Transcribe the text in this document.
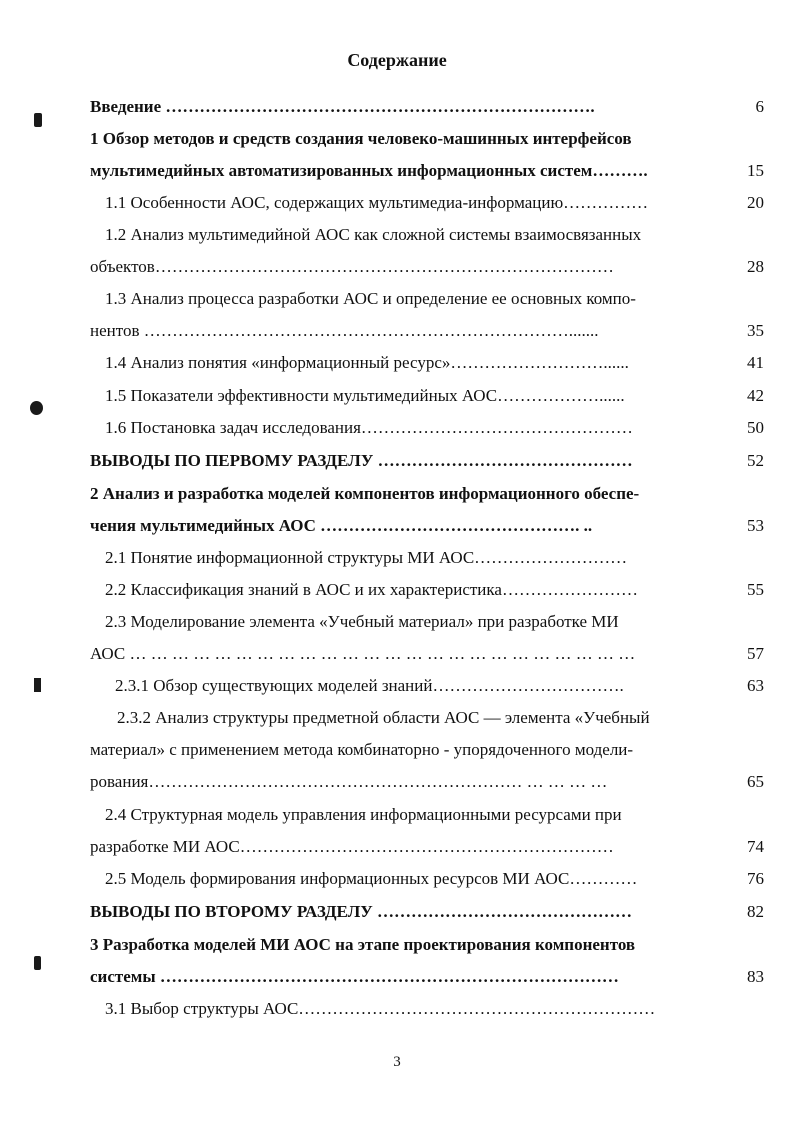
Содержание
Введение ………………………………………………………………….	6
1 Обзор методов и средств создания человеко-машинных интерфейсов
мультимедийных автоматизированных информационных систем……….	15
1.1 Особенности АОС, содержащих мультимедиа-информацию……………	20
1.2 Анализ мультимедийной АОС как сложной системы взаимосвязанных
объектов………………………………………………………………………	28
1.3 Анализ процесса разработки АОС и определение ее основных компо-
нентов ………………………………………………………………….......	35
1.4 Анализ понятия «информационный ресурс»………………………......	41
1.5 Показатели эффективности мультимедийных АОС………………......	42
1.6 Постановка задач исследования…………………………………………	50
ВЫВОДЫ ПО ПЕРВОМУ РАЗДЕЛУ ………………………………………	52
2 Анализ и разработка моделей компонентов информационного обеспе-
чения мультимедийных АОС ………………………………………. ..	53
2.1 Понятие информационной структуры МИ АОС………………………
2.2 Классификация знаний в АОС и их характеристика……………………	55
2.3 Моделирование элемента «Учебный материал» при разработке МИ
АОС … … … … … … … … … … … … … … … … … … … … … … … …	57
2.3.1 Обзор существующих моделей знаний…………………………….	63
2.3.2 Анализ структуры предметной области АОС — элемента «Учебный
материал» с применением метода комбинаторно - упорядоченного модели-
рования………………………………………………………… … … … …	65
2.4 Структурная модель управления информационными ресурсами при
разработке МИ АОС…………………………………………………………	74
2.5 Модель формирования информационных ресурсов МИ АОС…………	76
ВЫВОДЫ ПО ВТОРОМУ РАЗДЕЛУ ………………………………………	82
3 Разработка моделей МИ АОС на этапе проектирования компонентов
системы ………………………………………………………………………	83
3.1 Выбор структуры АОС………………………………………………………
3
